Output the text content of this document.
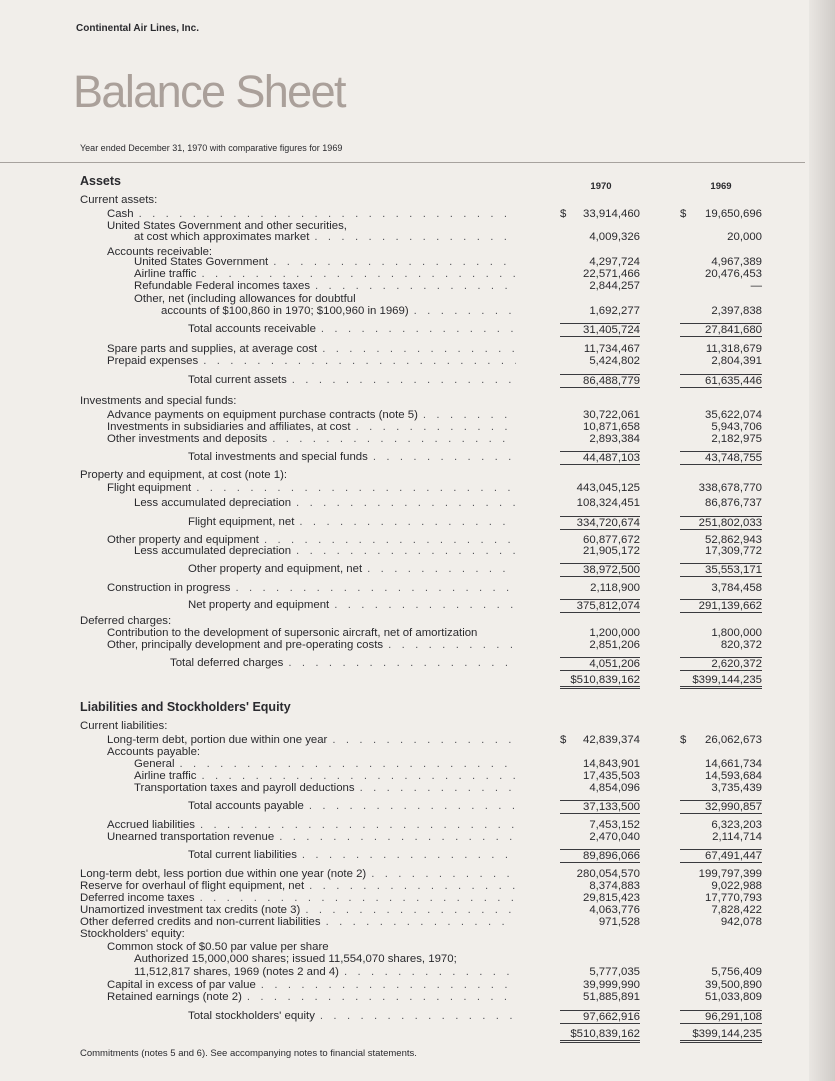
Continental Air Lines, Inc.
Balance Sheet
Year ended December 31, 1970 with comparative figures for 1969
Assets	1970	1969
Liabilities and Stockholders' Equity
Current assets:
Cash . . .	$ 33,914,460	$ 19,650,696
United States Government and other securities,
at cost which approximates market . . .	4,009,326	20,000
Accounts receivable:
United States Government . . .	4,297,724	4,967,389
Airline traffic . . .	22,571,466	20,476,453
Refundable Federal incomes taxes . . .	2,844,257	—
Other, net (including allowances for doubtful
accounts of $100,860 in 1970; $100,960 in 1969) . . .	1,692,277	2,397,838
Total accounts receivable . . .	31,405,724	27,841,680
Spare parts and supplies, at average cost . . .	11,734,467	11,318,679
Prepaid expenses . . .	5,424,802	2,804,391
Total current assets . . .	86,488,779	61,635,446
Investments and special funds:
Advance payments on equipment purchase contracts (note 5) . . .	30,722,061	35,622,074
Investments in subsidiaries and affiliates, at cost . . .	10,871,658	5,943,706
Other investments and deposits . . .	2,893,384	2,182,975
Total investments and special funds . . .	44,487,103	43,748,755
Property and equipment, at cost (note 1):
Flight equipment . . .	443,045,125	338,678,770
Less accumulated depreciation . . .	108,324,451	86,876,737
Flight equipment, net . . .	334,720,674	251,802,033
Other property and equipment . . .	60,877,672	52,862,943
Less accumulated depreciation . . .	21,905,172	17,309,772
Other property and equipment, net . . .	38,972,500	35,553,171
Construction in progress . . .	2,118,900	3,784,458
Net property and equipment . . .	375,812,074	291,139,662
Deferred charges:
Contribution to the development of supersonic aircraft, net of amortization	1,200,000	1,800,000
Other, principally development and pre-operating costs . . .	2,851,206	820,372
Total deferred charges . . .	4,051,206	2,620,372
$510,839,162	$399,144,235
Current liabilities:
Long-term debt, portion due within one year . . .	$ 42,839,374	$ 26,062,673
Accounts payable:
General . . .	14,843,901	14,661,734
Airline traffic . . .	17,435,503	14,593,684
Transportation taxes and payroll deductions . . .	4,854,096	3,735,439
Total accounts payable . . .	37,133,500	32,990,857
Accrued liabilities . . .	7,453,152	6,323,203
Unearned transportation revenue . . .	2,470,040	2,114,714
Total current liabilities . . .	89,896,066	67,491,447
Long-term debt, less portion due within one year (note 2) . . .	280,054,570	199,797,399
Reserve for overhaul of flight equipment, net . . .	8,374,883	9,022,988
Deferred income taxes . . .	29,815,423	17,770,793
Unamortized investment tax credits (note 3) . . .	4,063,776	7,828,422
Other deferred credits and non-current liabilities . . .	971,528	942,078
Stockholders' equity:
Common stock of $0.50 par value per share
Authorized 15,000,000 shares; issued 11,554,070 shares, 1970;
11,512,817 shares, 1969 (notes 2 and 4) . . .	5,777,035	5,756,409
Capital in excess of par value . . .	39,999,990	39,500,890
Retained earnings (note 2) . . .	51,885,891	51,033,809
Total stockholders' equity . . .	97,662,916	96,291,108
$510,839,162	$399,144,235
Commitments (notes 5 and 6). See accompanying notes to financial statements.
